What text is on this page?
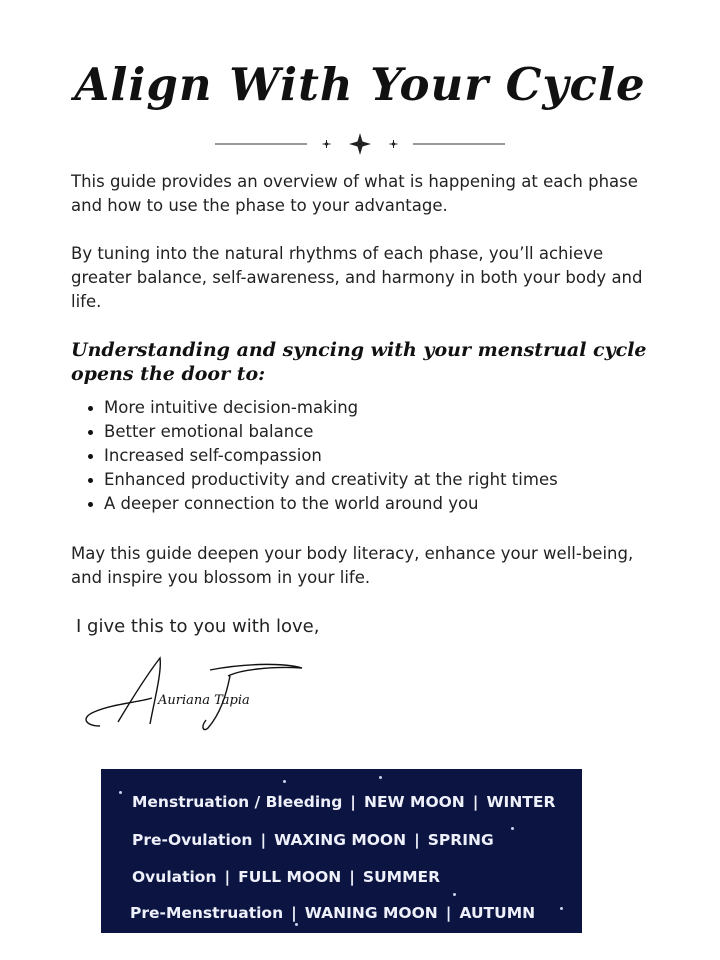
Align With Your Cycle

This guide provides an overview of what is happening at each phase and how to use the phase to your advantage.

By tuning into the natural rhythms of each phase, you’ll achieve greater balance, self-awareness, and harmony in both your body and life.

Understanding and syncing with your menstrual cycle opens the door to:
More intuitive decision-making
Better emotional balance
Increased self-compassion
Enhanced productivity and creativity at the right times
A deeper connection to the world around you

May this guide deepen your body literacy, enhance your well-being, and inspire you blossom in your life.

I give this to you with love,

Auriana Tapia
Menstruation / Bleeding | NEW MOON | WINTER
Pre-Ovulation | WAXING MOON | SPRING
Ovulation | FULL MOON | SUMMER
Pre-Menstruation | WANING MOON | AUTUMN
